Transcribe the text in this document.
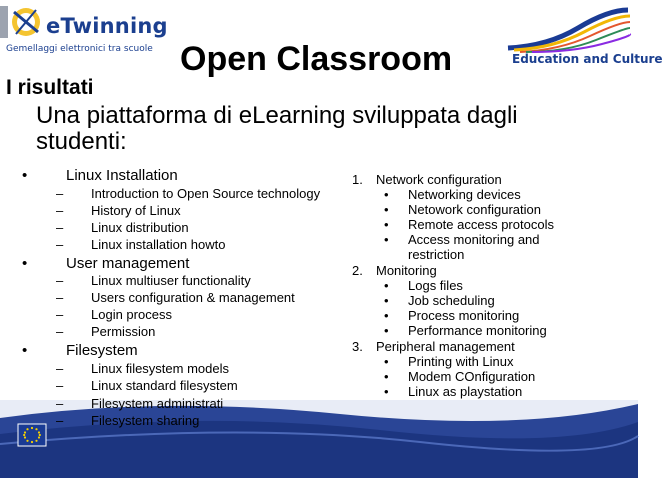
eTwinning
Gemellaggi elettronici tra scuole
Education and Culture
Open Classroom
I risultati
Una piattaforma di eLearning sviluppata dagli studenti:
•	Linux Installation
– Introduction to Open Source technology
– History of Linux
– Linux distribution
– Linux installation howto
•	User management
– Linux multiuser functionality
– Users configuration & management
– Login process
– Permission
•	Filesystem
– Linux filesystem models
– Linux standard filesystem
– Filesystem administrati
– Filesystem sharing
1. Network configuration
• Networking devices
• Netowork configuration
• Remote access protocols
• Access monitoring and restriction
2. Monitoring
• Logs files
• Job scheduling
• Process monitoring
• Performance monitoring
3. Peripheral management
• Printing with Linux
• Modem COnfiguration
• Linux as playstation
